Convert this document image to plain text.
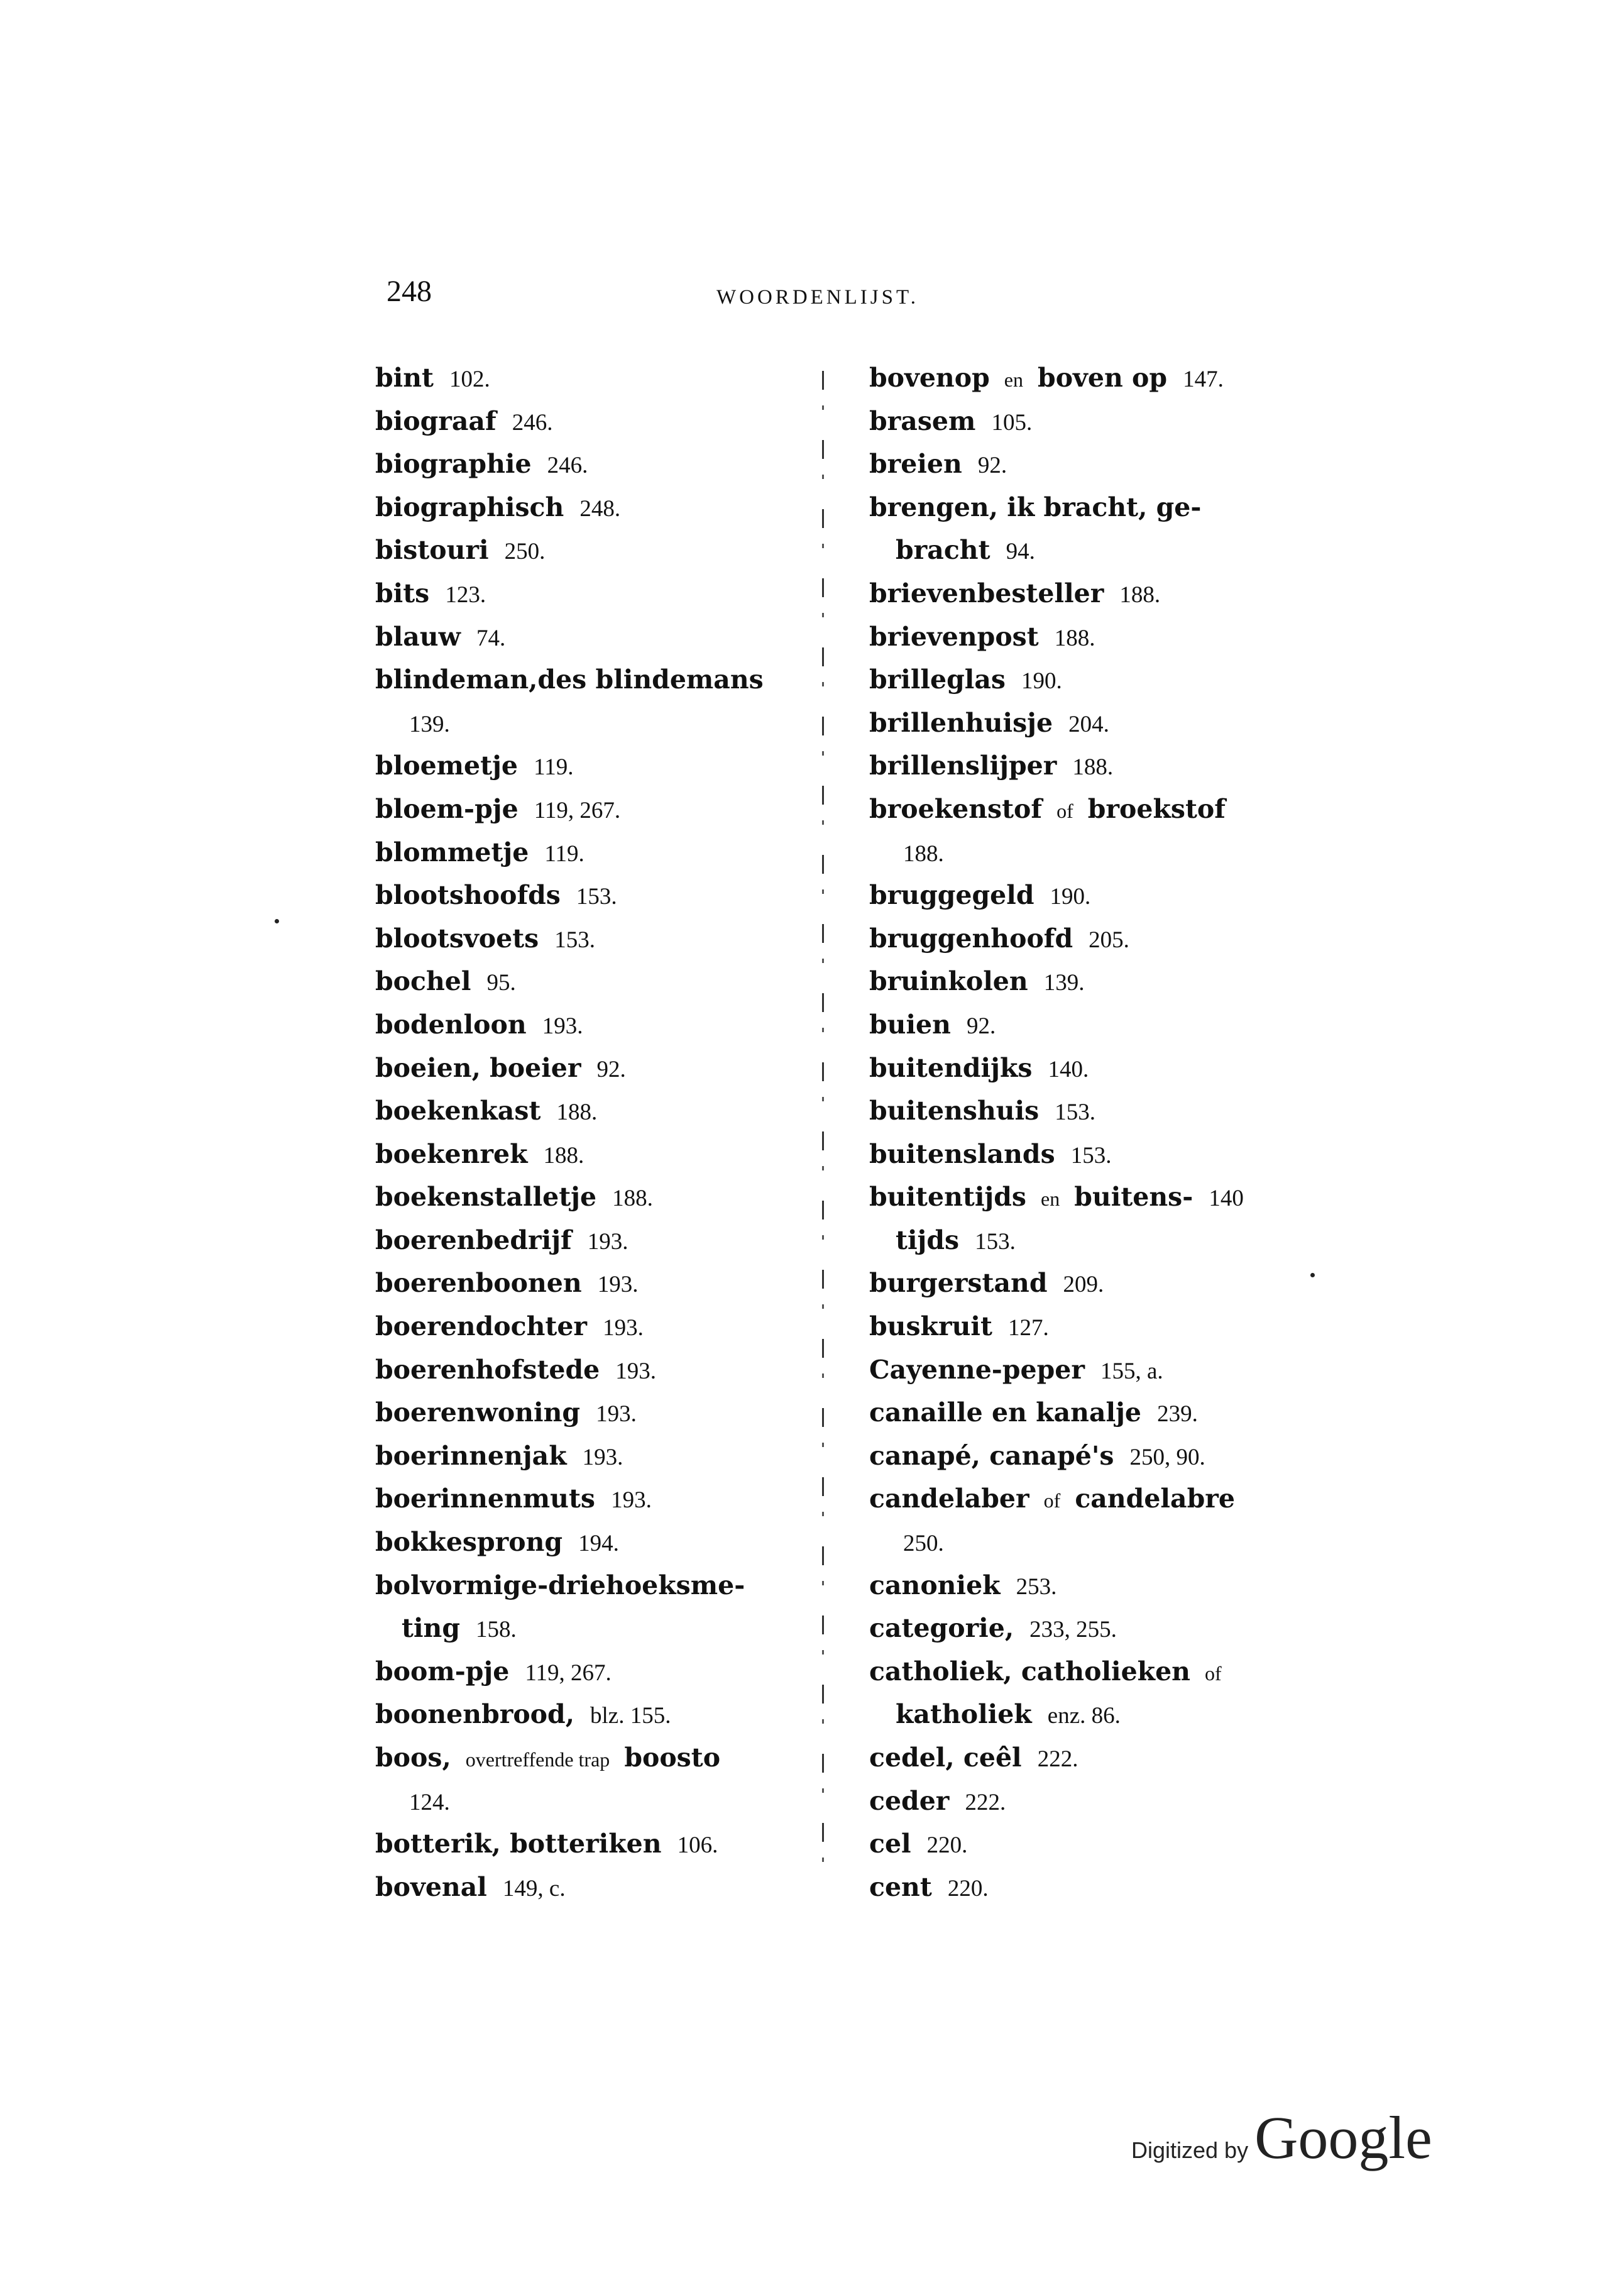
248	WOORDENLIJST.
bint 102.
biograaf 246.
biographie 246.
biographisch 248.
bistouri 250.
bits 123.
blauw 74.
blindeman,des blindemans
139.
bloemetje 119.
bloem-pje 119, 267.
blommetje 119.
blootshoofds 153.
blootsvoets 153.
bochel 95.
bodenloon 193.
boeien, boeier 92.
boekenkast 188.
boekenrek 188.
boekenstalletje 188.
boerenbedrijf 193.
boerenboonen 193.
boerendochter 193.
boerenhofstede 193.
boerenwoning 193.
boerinnenjak 193.
boerinnenmuts 193.
bokkesprong 194.
bolvormige-driehoeksme-
ting 158.
boom-pje 119, 267.
boonenbrood, blz. 155.
boos, overtreffende trap boosto
124.
botterik, botteriken 106.
bovenal 149, c.
bovenop en boven op 147.
brasem 105.
breien 92.
brengen, ik bracht, ge-
bracht 94.
brievenbesteller 188.
brievenpost 188.
brilleglas 190.
brillenhuisje 204.
brillenslijper 188.
broekenstof of broekstof
188.
bruggegeld 190.
bruggenhoofd 205.
bruinkolen 139.
buien 92.
buitendijks 140.
buitenshuis 153.
buitenslands 153.
buitentijds en buitens- 140
tijds 153.
burgerstand 209.
buskruit 127.
Cayenne-peper 155, a.
canaille en kanalje 239.
canapé, canapé's 250, 90.
candelaber of candelabre
250.
canoniek 253.
categorie, 233, 255.
catholiek, catholieken of
katholiek enz. 86.
cedel, ceêl 222.
ceder 222.
cel 220.
cent 220.
Digitized by Google
